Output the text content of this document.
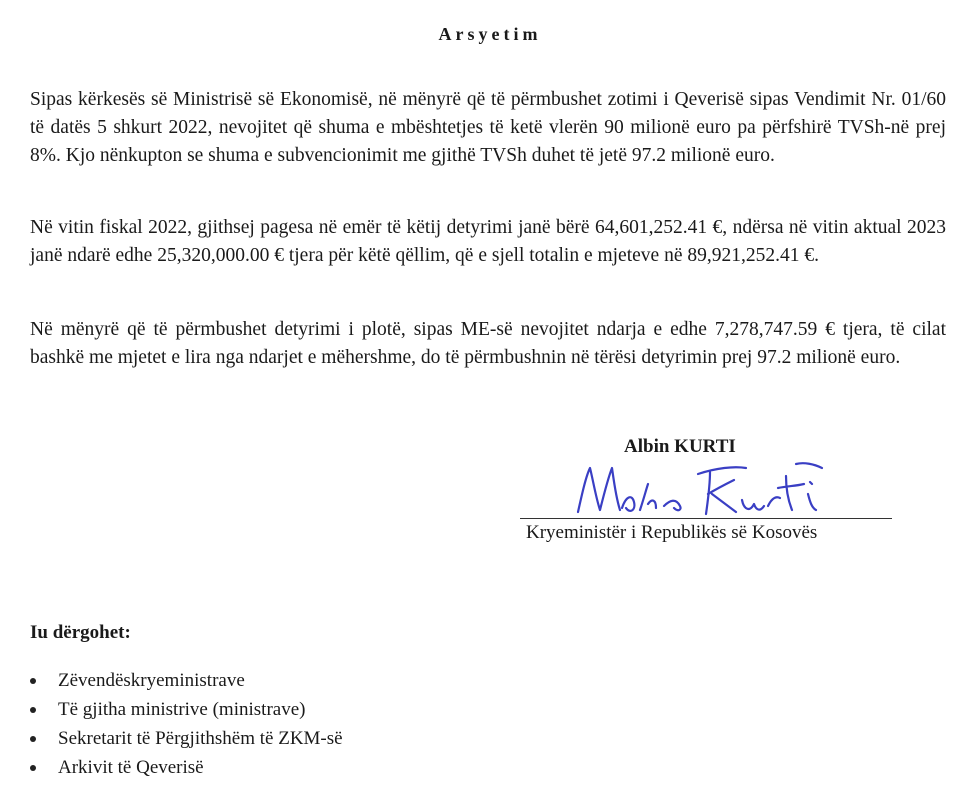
Arsyetim

Sipas kërkesës së Ministrisë së Ekonomisë, në mënyrë që të përmbushet zotimi i Qeverisë sipas Vendimit Nr. 01/60 të datës 5 shkurt 2022, nevojitet që shuma e mbështetjes të ketë vlerën 90 milionë euro pa përfshirë TVSh-në prej 8%. Kjo nënkupton se shuma e subvencionimit me gjithë TVSh duhet të jetë 97.2 milionë euro.

Në vitin fiskal 2022, gjithsej pagesa në emër të këtij detyrimi janë bërë 64,601,252.41 €, ndërsa në vitin aktual 2023 janë ndarë edhe 25,320,000.00 € tjera për këtë qëllim, që e sjell totalin e mjeteve në 89,921,252.41 €.

Në mënyrë që të përmbushet detyrimi i plotë, sipas ME-së nevojitet ndarja e edhe 7,278,747.59 € tjera, të cilat bashkë me mjetet e lira nga ndarjet e mëhershme, do të përmbushnin në tërësi detyrimin prej 97.2 milionë euro.

Albin KURTI
Kryeministër i Republikës së Kosovës
Iu dërgohet:
Zëvendëskryeministrave
Të gjitha ministrive (ministrave)
Sekretarit të Përgjithshëm të ZKM-së
Arkivit të Qeverisë
